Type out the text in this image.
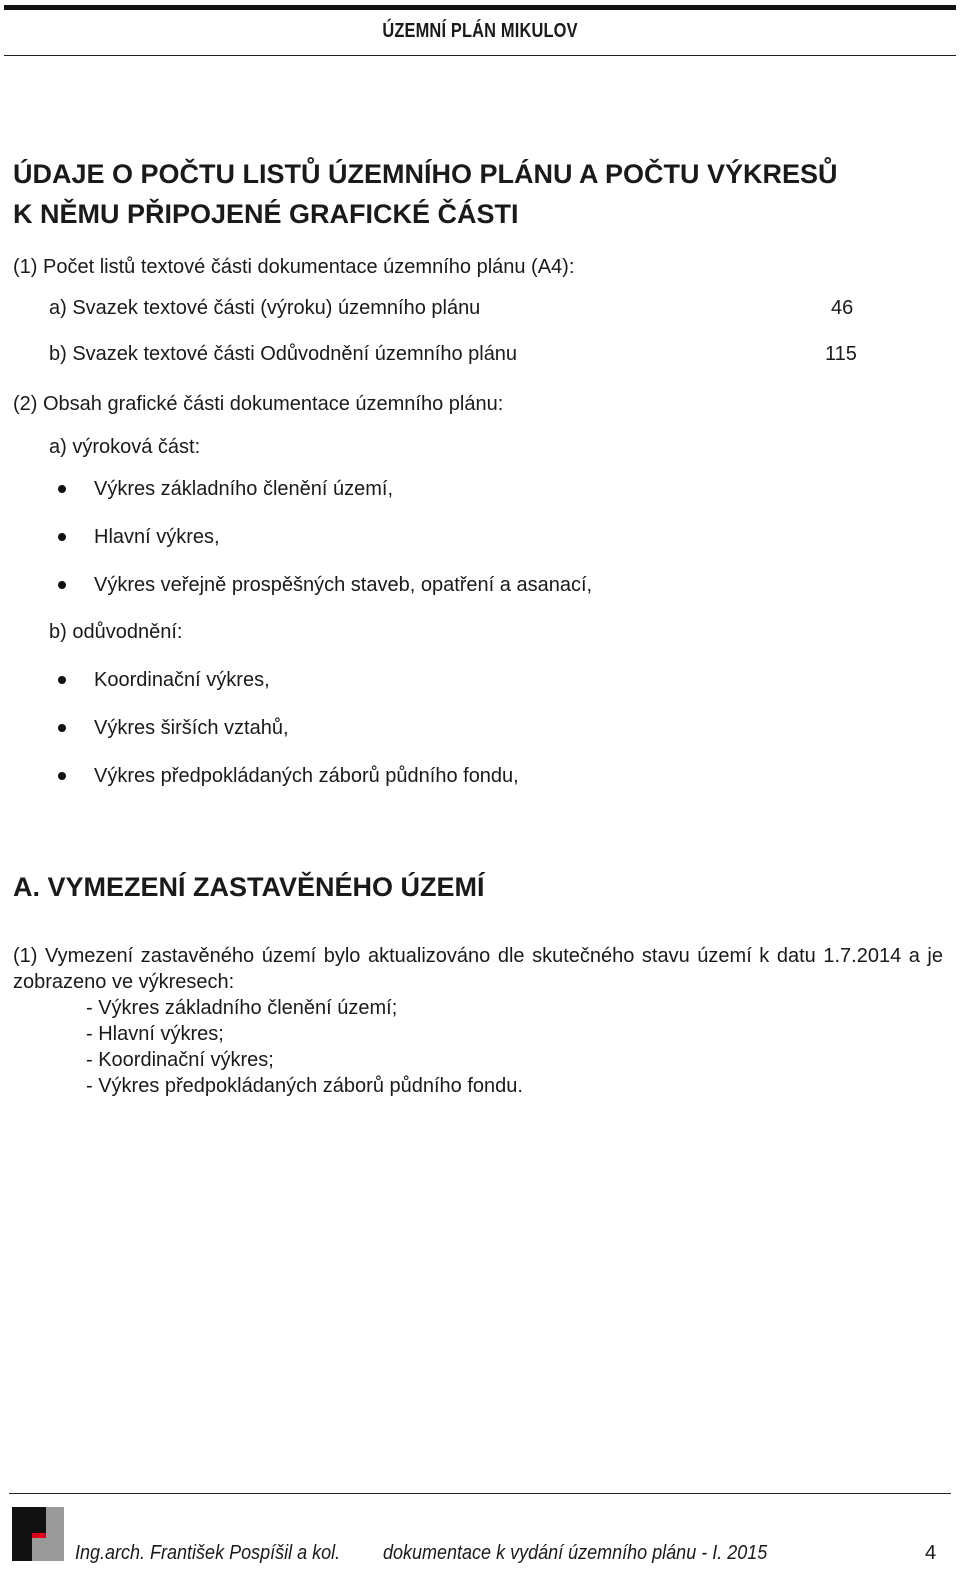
ÚZEMNÍ PLÁN MIKULOV
ÚDAJE O POČTU LISTŮ ÚZEMNÍHO PLÁNU A POČTU VÝKRESŮ
K NĚMU PŘIPOJENÉ GRAFICKÉ ČÁSTI
(1) Počet listů textové části dokumentace územního plánu (A4):
a) Svazek textové části (výroku) územního plánu	46
b) Svazek textové části Odůvodnění územního plánu	115
(2) Obsah grafické části dokumentace územního plánu:
a) výroková část:
Výkres základního členění území,
Hlavní výkres,
Výkres veřejně prospěšných staveb, opatření a asanací,
b) odůvodnění:
Koordinační výkres,
Výkres širších vztahů,
Výkres předpokládaných záborů půdního fondu,
A. VYMEZENÍ ZASTAVĚNÉHO ÚZEMÍ
(1) Vymezení zastavěného území bylo aktualizováno dle skutečného stavu území k datu 1.7.2014 a je zobrazeno ve výkresech:
- Výkres základního členění území;
- Hlavní výkres;
- Koordinační výkres;
- Výkres předpokládaných záborů půdního fondu.
Ing.arch. František Pospíšil a kol. dokumentace k vydání územního plánu - I. 2015	4
